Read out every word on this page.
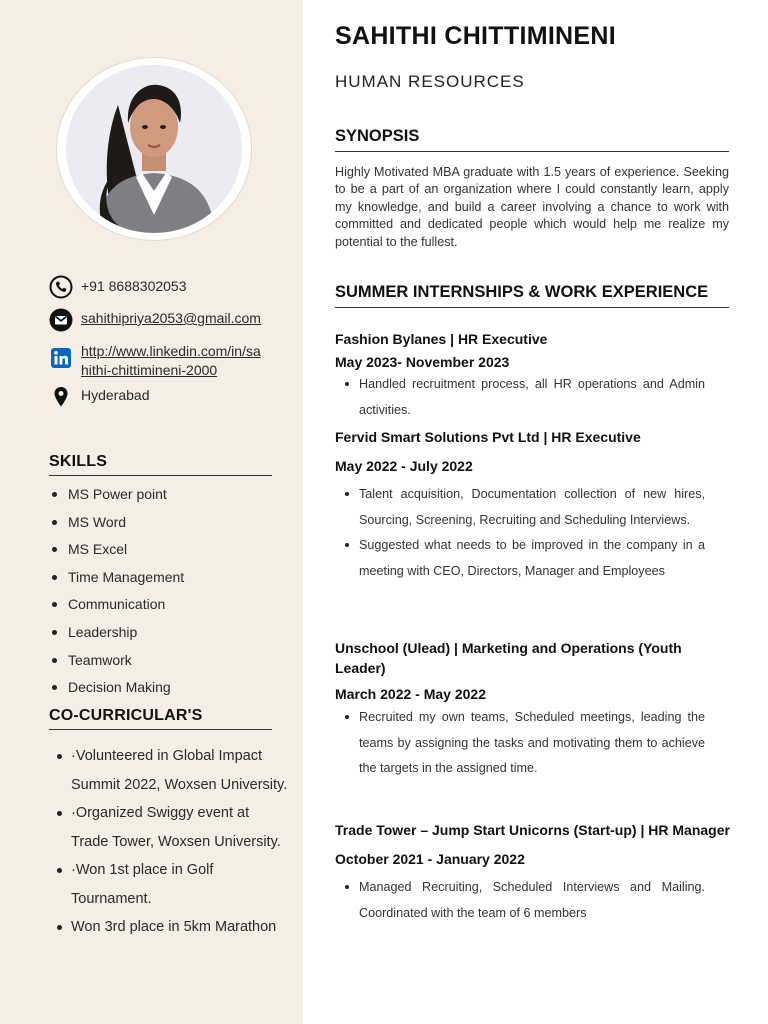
+91 8688302053
sahithipriya2053@gmail.com
http://www.linkedin.com/in/sa
hithi-chittimineni-2000
Hyderabad
SKILLS
MS Power point
MS Word
MS Excel
Time Management
Communication
Leadership
Teamwork
Decision Making
CO-CURRICULAR'S
·Volunteered in Global Impact Summit 2022, Woxsen University.
·Organized Swiggy event at Trade Tower, Woxsen University.
·Won 1st place in Golf Tournament.
Won 3rd place in 5km Marathon
SAHITHI CHITTIMINENI
HUMAN RESOURCES
SYNOPSIS
Highly Motivated MBA graduate with 1.5 years of experience. Seeking to be a part of an organization where I could constantly learn, apply my knowledge, and build a career involving a chance to work with committed and dedicated people which would help me realize my potential to the fullest.
SUMMER INTERNSHIPS & WORK EXPERIENCE
Fashion Bylanes | HR Executive
May 2023- November 2023
Handled recruitment process, all HR operations and Admin activities.
Fervid Smart Solutions Pvt Ltd | HR Executive
May 2022 - July 2022
Talent acquisition, Documentation collection of new hires, Sourcing, Screening, Recruiting and Scheduling Interviews.
Suggested what needs to be improved in the company in a meeting with CEO, Directors, Manager and Employees
Unschool (Ulead) | Marketing and Operations (Youth
Leader)
March 2022 - May 2022
Recruited my own teams, Scheduled meetings, leading the teams by assigning the tasks and motivating them to achieve the targets in the assigned time.
Trade Tower – Jump Start Unicorns (Start-up) | HR Manager
October 2021 - January 2022
Managed Recruiting, Scheduled Interviews and Mailing. Coordinated with the team of 6 members
